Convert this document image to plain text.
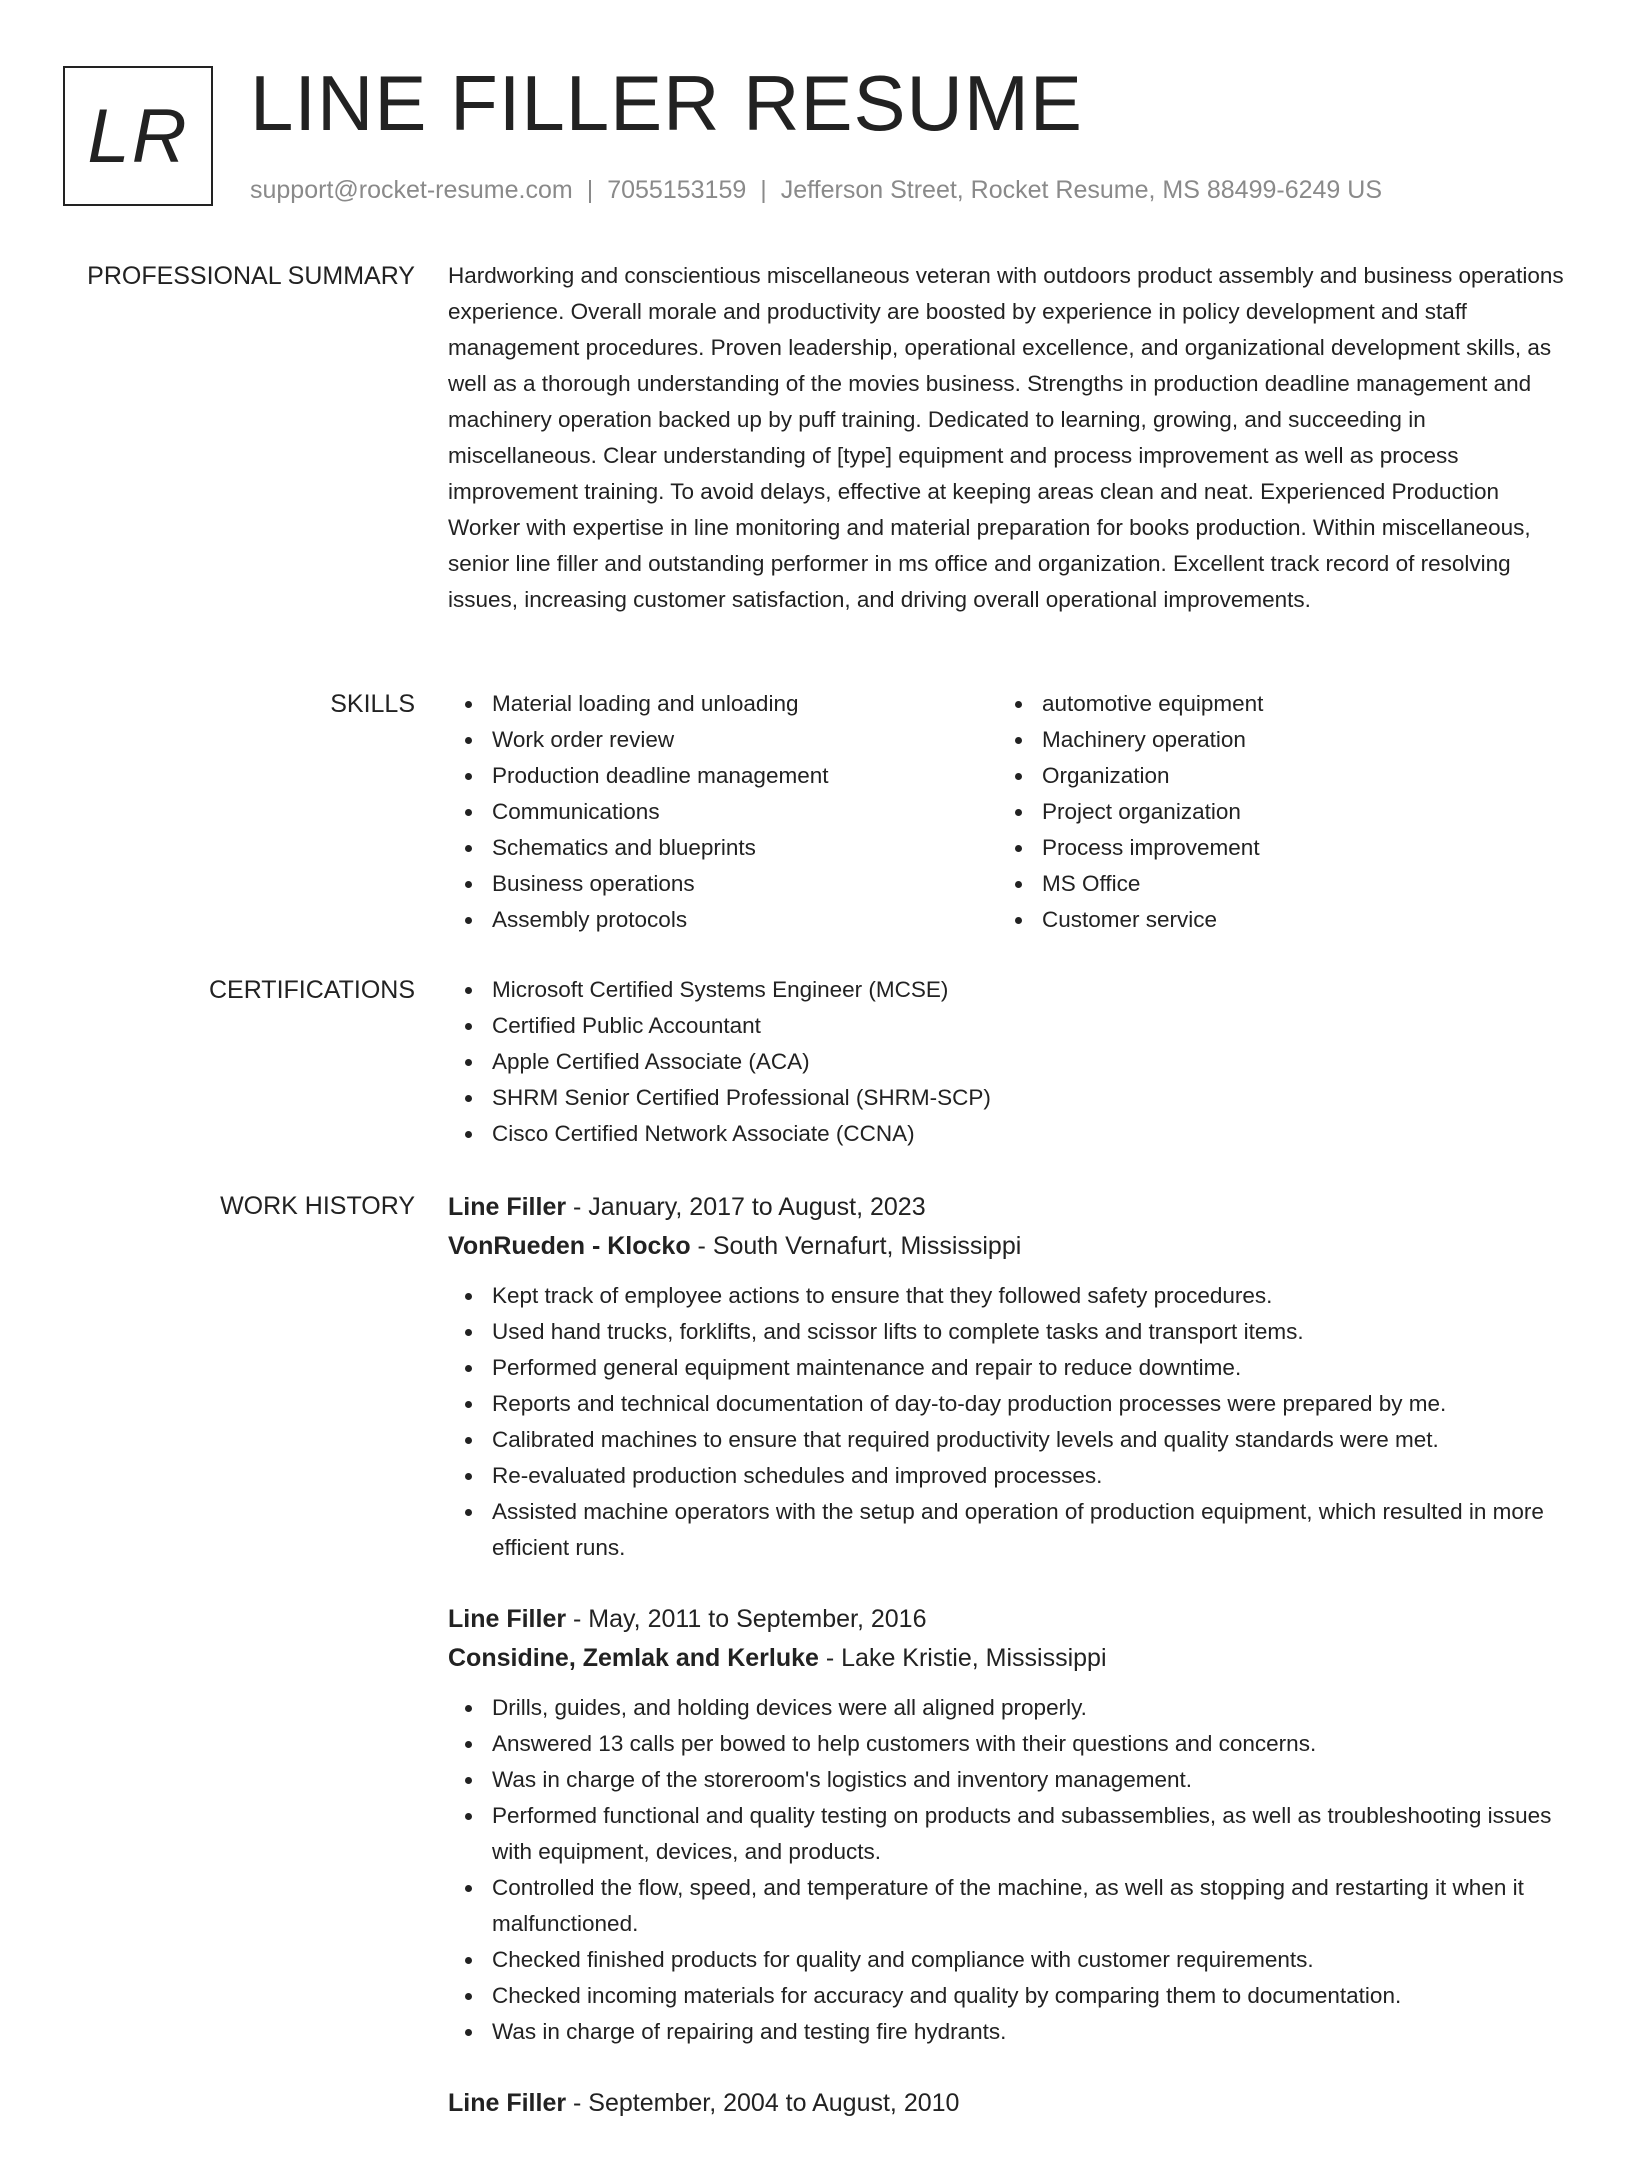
LR LINE FILLER RESUME
support@rocket-resume.com | 7055153159 | Jefferson Street, Rocket Resume, MS 88499-6249 US
PROFESSIONAL SUMMARY Hardworking and conscientious miscellaneous veteran with outdoors product assembly and business operations experience. Overall morale and productivity are boosted by experience in policy development and staff management procedures. Proven leadership, operational excellence, and organizational development skills, as well as a thorough understanding of the movies business. Strengths in production deadline management and machinery operation backed up by puff training. Dedicated to learning, growing, and succeeding in miscellaneous. Clear understanding of [type] equipment and process improvement as well as process improvement training. To avoid delays, effective at keeping areas clean and neat. Experienced Production Worker with expertise in line monitoring and material preparation for books production. Within miscellaneous, senior line filler and outstanding performer in ms office and organization. Excellent track record of resolving issues, increasing customer satisfaction, and driving overall operational improvements.

SKILLS	Material loading and unloading
Work order review
Production deadline management
Communications
Schematics and blueprints
Business operations
Assembly protocols
automotive equipment
Machinery operation
Organization
Project organization
Process improvement
MS Office
Customer service
CERTIFICATIONS	Microsoft Certified Systems Engineer (MCSE)
Certified Public Accountant
Apple Certified Associate (ACA)
SHRM Senior Certified Professional (SHRM-SCP)
Cisco Certified Network Associate (CCNA)
WORK HISTORY Line Filler - January, 2017 to August, 2023
VonRueden - Klocko - South Vernafurt, Mississippi
Kept track of employee actions to ensure that they followed safety procedures.
Used hand trucks, forklifts, and scissor lifts to complete tasks and transport items.
Performed general equipment maintenance and repair to reduce downtime.
Reports and technical documentation of day-to-day production processes were prepared by me.
Calibrated machines to ensure that required productivity levels and quality standards were met.
Re-evaluated production schedules and improved processes.
Assisted machine operators with the setup and operation of production equipment, which resulted in more efficient runs.
Line Filler - May, 2011 to September, 2016
Considine, Zemlak and Kerluke - Lake Kristie, Mississippi
Drills, guides, and holding devices were all aligned properly.
Answered 13 calls per bowed to help customers with their questions and concerns.
Was in charge of the storeroom's logistics and inventory management.
Performed functional and quality testing on products and subassemblies, as well as troubleshooting issues with equipment, devices, and products.
Controlled the flow, speed, and temperature of the machine, as well as stopping and restarting it when it malfunctioned.
Checked finished products for quality and compliance with customer requirements.
Checked incoming materials for accuracy and quality by comparing them to documentation.
Was in charge of repairing and testing fire hydrants.
Line Filler - September, 2004 to August, 2010
